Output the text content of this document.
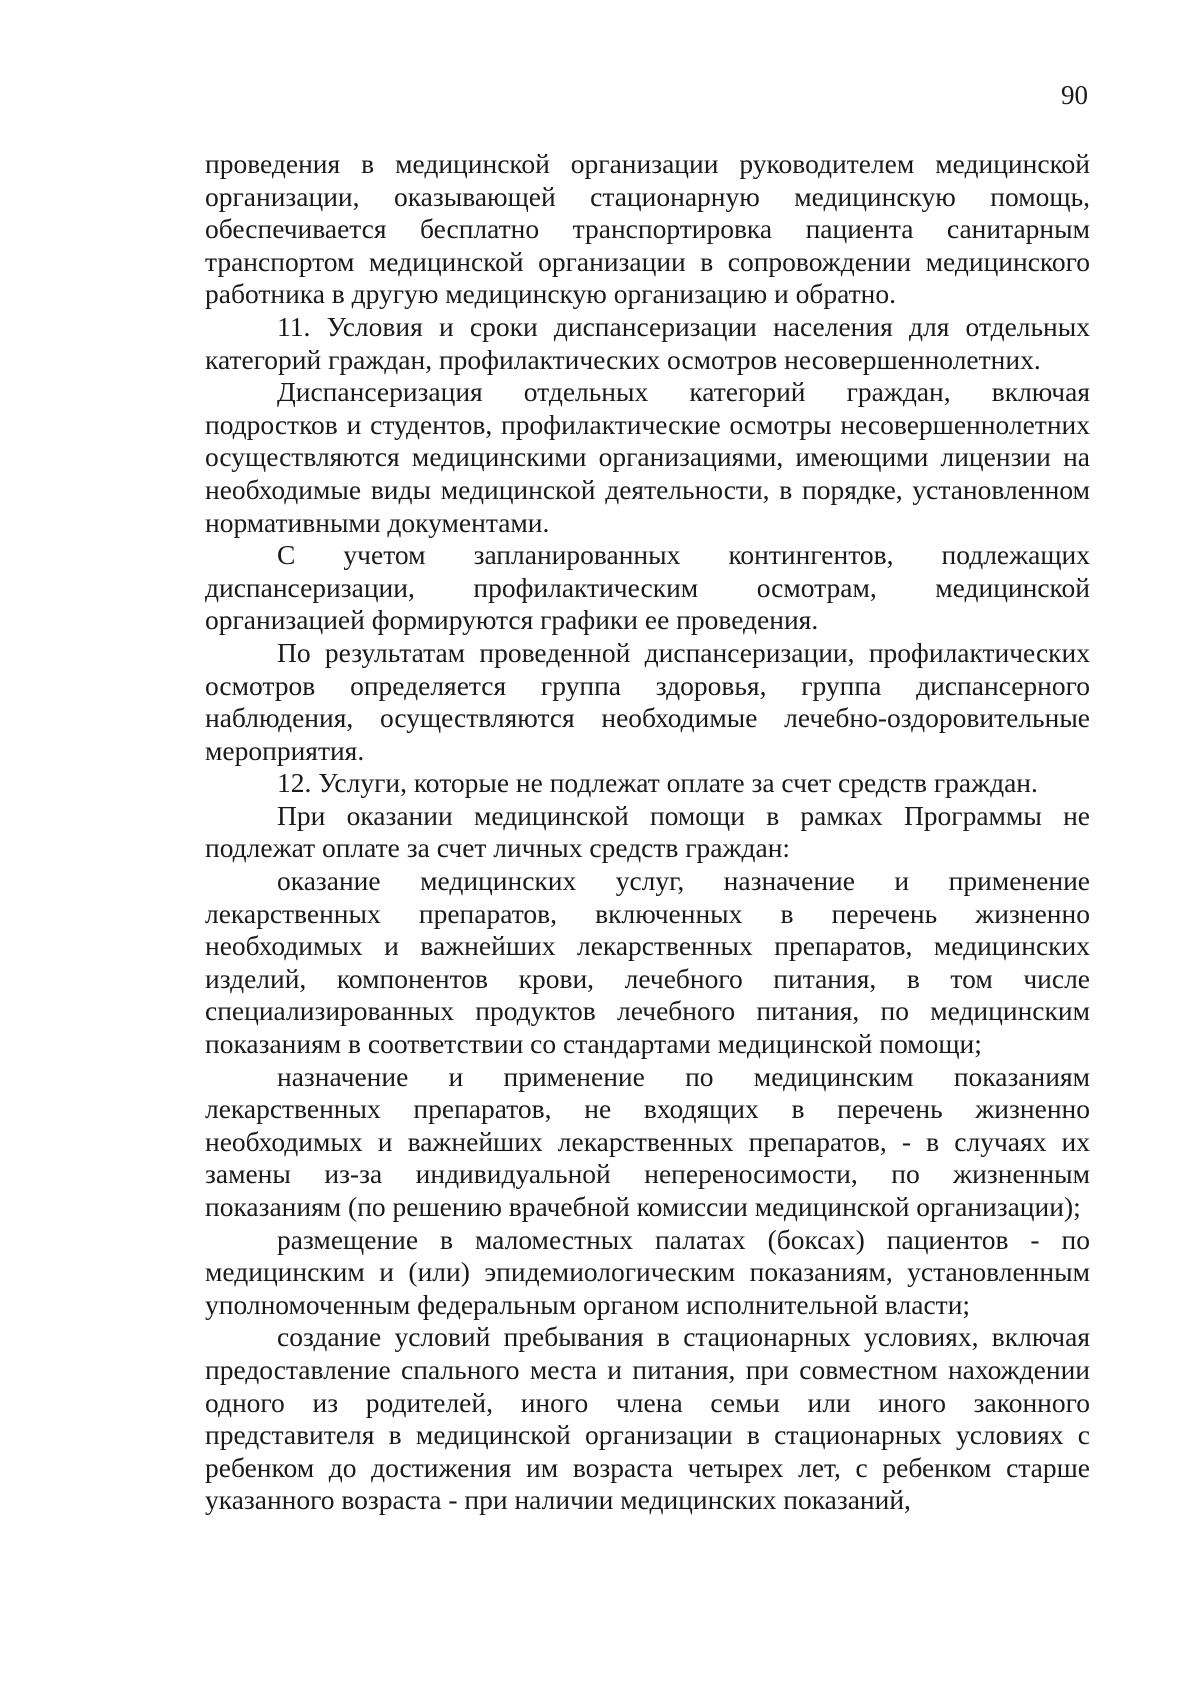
90

проведения в медицинской организации руководителем медицинской организации, оказывающей стационарную медицинскую помощь, обеспечивается бесплатно транспортировка пациента санитарным транспортом медицинской организации в сопровождении медицинского работника в другую медицинскую организацию и обратно.

11. Условия и сроки диспансеризации населения для отдельных категорий граждан, профилактических осмотров несовершеннолетних.

Диспансеризация отдельных категорий граждан, включая подростков и студентов, профилактические осмотры несовершеннолетних осуществляются медицинскими организациями, имеющими лицензии на необходимые виды медицинской деятельности, в порядке, установленном нормативными документами.

С учетом запланированных контингентов, подлежащих диспансеризации, профилактическим осмотрам, медицинской организацией формируются графики ее проведения.

По результатам проведенной диспансеризации, профилактических осмотров определяется группа здоровья, группа диспансерного наблюдения, осуществляются необходимые лечебно-оздоровительные мероприятия.

12. Услуги, которые не подлежат оплате за счет средств граждан.

При оказании медицинской помощи в рамках Программы не подлежат оплате за счет личных средств граждан:

оказание медицинских услуг, назначение и применение лекарственных препаратов, включенных в перечень жизненно необходимых и важнейших лекарственных препаратов, медицинских изделий, компонентов крови, лечебного питания, в том числе специализированных продуктов лечебного питания, по медицинским показаниям в соответствии со стандартами медицинской помощи;

назначение и применение по медицинским показаниям лекарственных препаратов, не входящих в перечень жизненно необходимых и важнейших лекарственных препаратов, - в случаях их замены из-за индивидуальной непереносимости, по жизненным показаниям (по решению врачебной комиссии медицинской организации);

размещение в маломестных палатах (боксах) пациентов - по медицинским и (или) эпидемиологическим показаниям, установленным уполномоченным федеральным органом исполнительной власти;

создание условий пребывания в стационарных условиях, включая предоставление спального места и питания, при совместном нахождении одного из родителей, иного члена семьи или иного законного представителя в медицинской организации в стационарных условиях с ребенком до достижения им возраста четырех лет, с ребенком старше указанного возраста - при наличии медицинских показаний,
